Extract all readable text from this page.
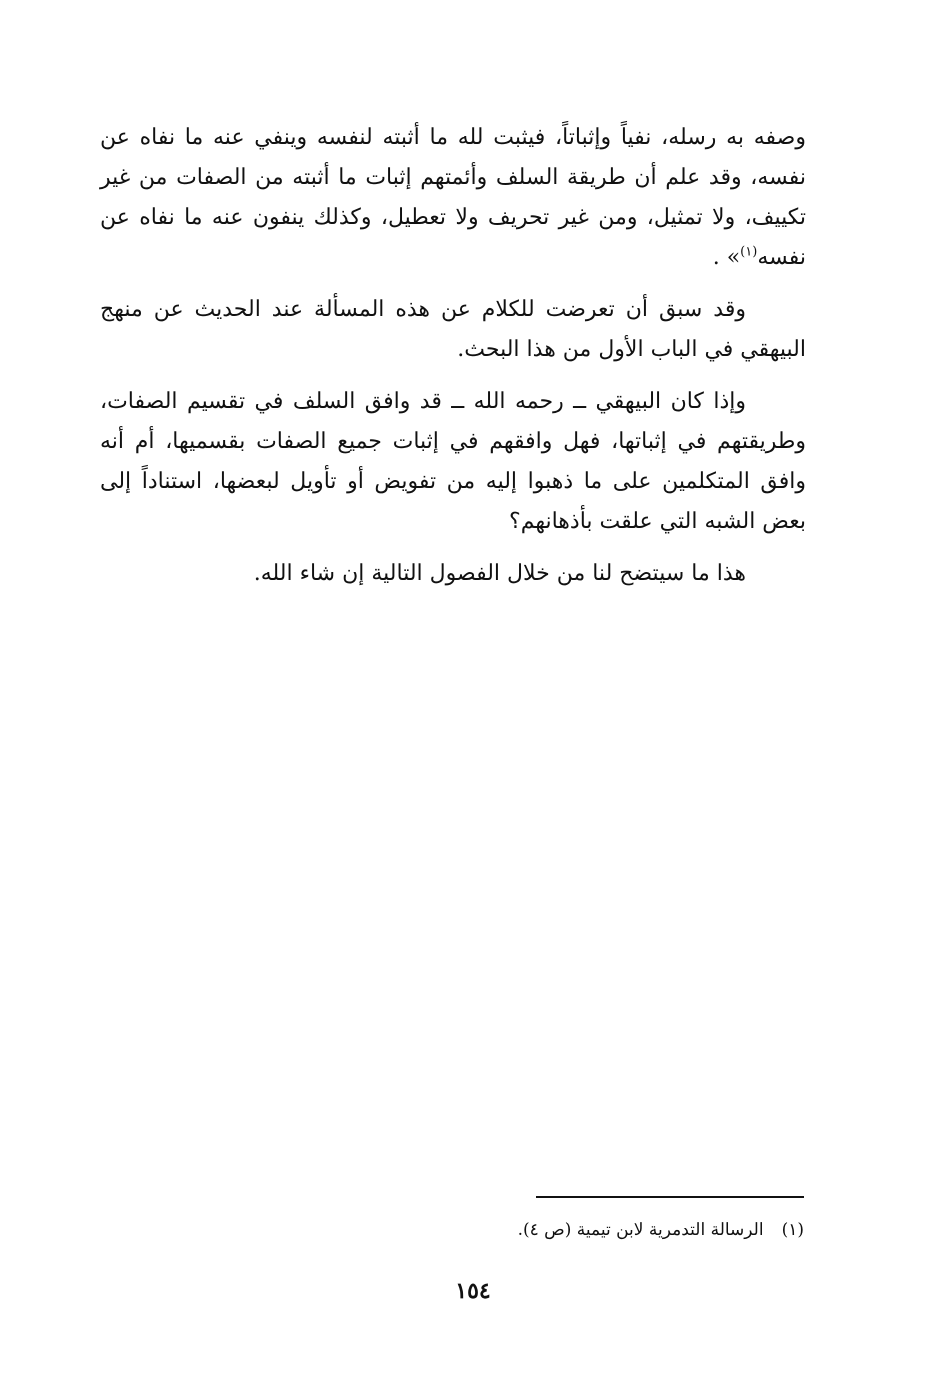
وصفه به رسله، نفياً وإثباتاً، فيثبت لله ما أثبته لنفسه وينفي عنه ما نفاه عن نفسه، وقد علم أن طريقة السلف وأئمتهم إثبات ما أثبته من الصفات من غير تكييف، ولا تمثيل، ومن غير تحريف ولا تعطيل، وكذلك ينفون عنه ما نفاه عن نفسه$^{(١)}$» .

وقد سبق أن تعرضت للكلام عن هذه المسألة عند الحديث عن منهج البيهقي في الباب الأول من هذا البحث.

وإذا كان البيهقي ــ رحمه الله ــ قد وافق السلف في تقسيم الصفات، وطريقتهم في إثباتها، فهل وافقهم في إثبات جميع الصفات بقسميها، أم أنه وافق المتكلمين على ما ذهبوا إليه من تفويض أو تأويل لبعضها، استناداً إلى بعض الشبه التي علقت بأذهانهم؟

هذا ما سيتضح لنا من خلال الفصول التالية إن شاء الله.

(١)الرسالة التدمرية لابن تيمية (ص ٤).
١٥٤
